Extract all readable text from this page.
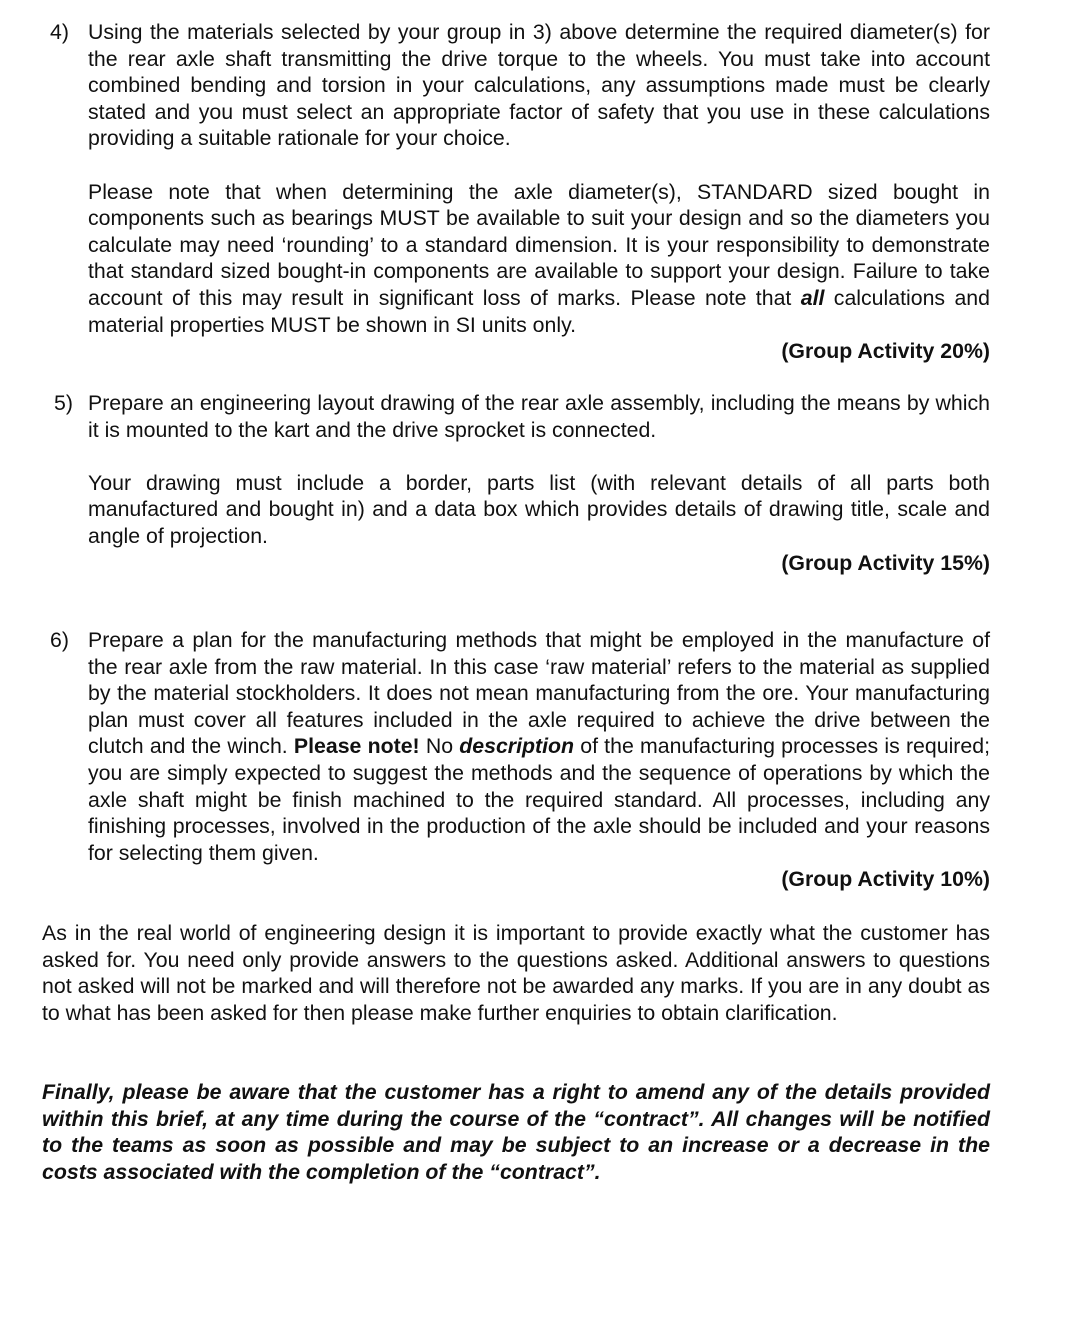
4) Using the materials selected by your group in 3) above determine the required diameter(s) for the rear axle shaft transmitting the drive torque to the wheels. You must take into account combined bending and torsion in your calculations, any assumptions made must be clearly stated and you must select an appropriate factor of safety that you use in these calculations providing a suitable rationale for your choice.

Please note that when determining the axle diameter(s), STANDARD sized bought in components such as bearings MUST be available to suit your design and so the diameters you calculate may need ‘rounding’ to a standard dimension. It is your responsibility to demonstrate that standard sized bought-in components are available to support your design. Failure to take account of this may result in significant loss of marks. Please note that all calculations and material properties MUST be shown in SI units only.

(Group Activity 20%)

5) Prepare an engineering layout drawing of the rear axle assembly, including the means by which it is mounted to the kart and the drive sprocket is connected.

Your drawing must include a border, parts list (with relevant details of all parts both manufactured and bought in) and a data box which provides details of drawing title, scale and angle of projection.

(Group Activity 15%)

6) Prepare a plan for the manufacturing methods that might be employed in the manufacture of the rear axle from the raw material. In this case ‘raw material’ refers to the material as supplied by the material stockholders. It does not mean manufacturing from the ore. Your manufacturing plan must cover all features included in the axle required to achieve the drive between the clutch and the winch. Please note! No description of the manufacturing processes is required; you are simply expected to suggest the methods and the sequence of operations by which the axle shaft might be finish machined to the required standard. All processes, including any finishing processes, involved in the production of the axle should be included and your reasons for selecting them given.

(Group Activity 10%)

As in the real world of engineering design it is important to provide exactly what the customer has asked for. You need only provide answers to the questions asked. Additional answers to questions not asked will not be marked and will therefore not be awarded any marks. If you are in any doubt as to what has been asked for then please make further enquiries to obtain clarification.

Finally, please be aware that the customer has a right to amend any of the details provided within this brief, at any time during the course of the “contract”. All changes will be notified to the teams as soon as possible and may be subject to an increase or a decrease in the costs associated with the completion of the “contract”.
